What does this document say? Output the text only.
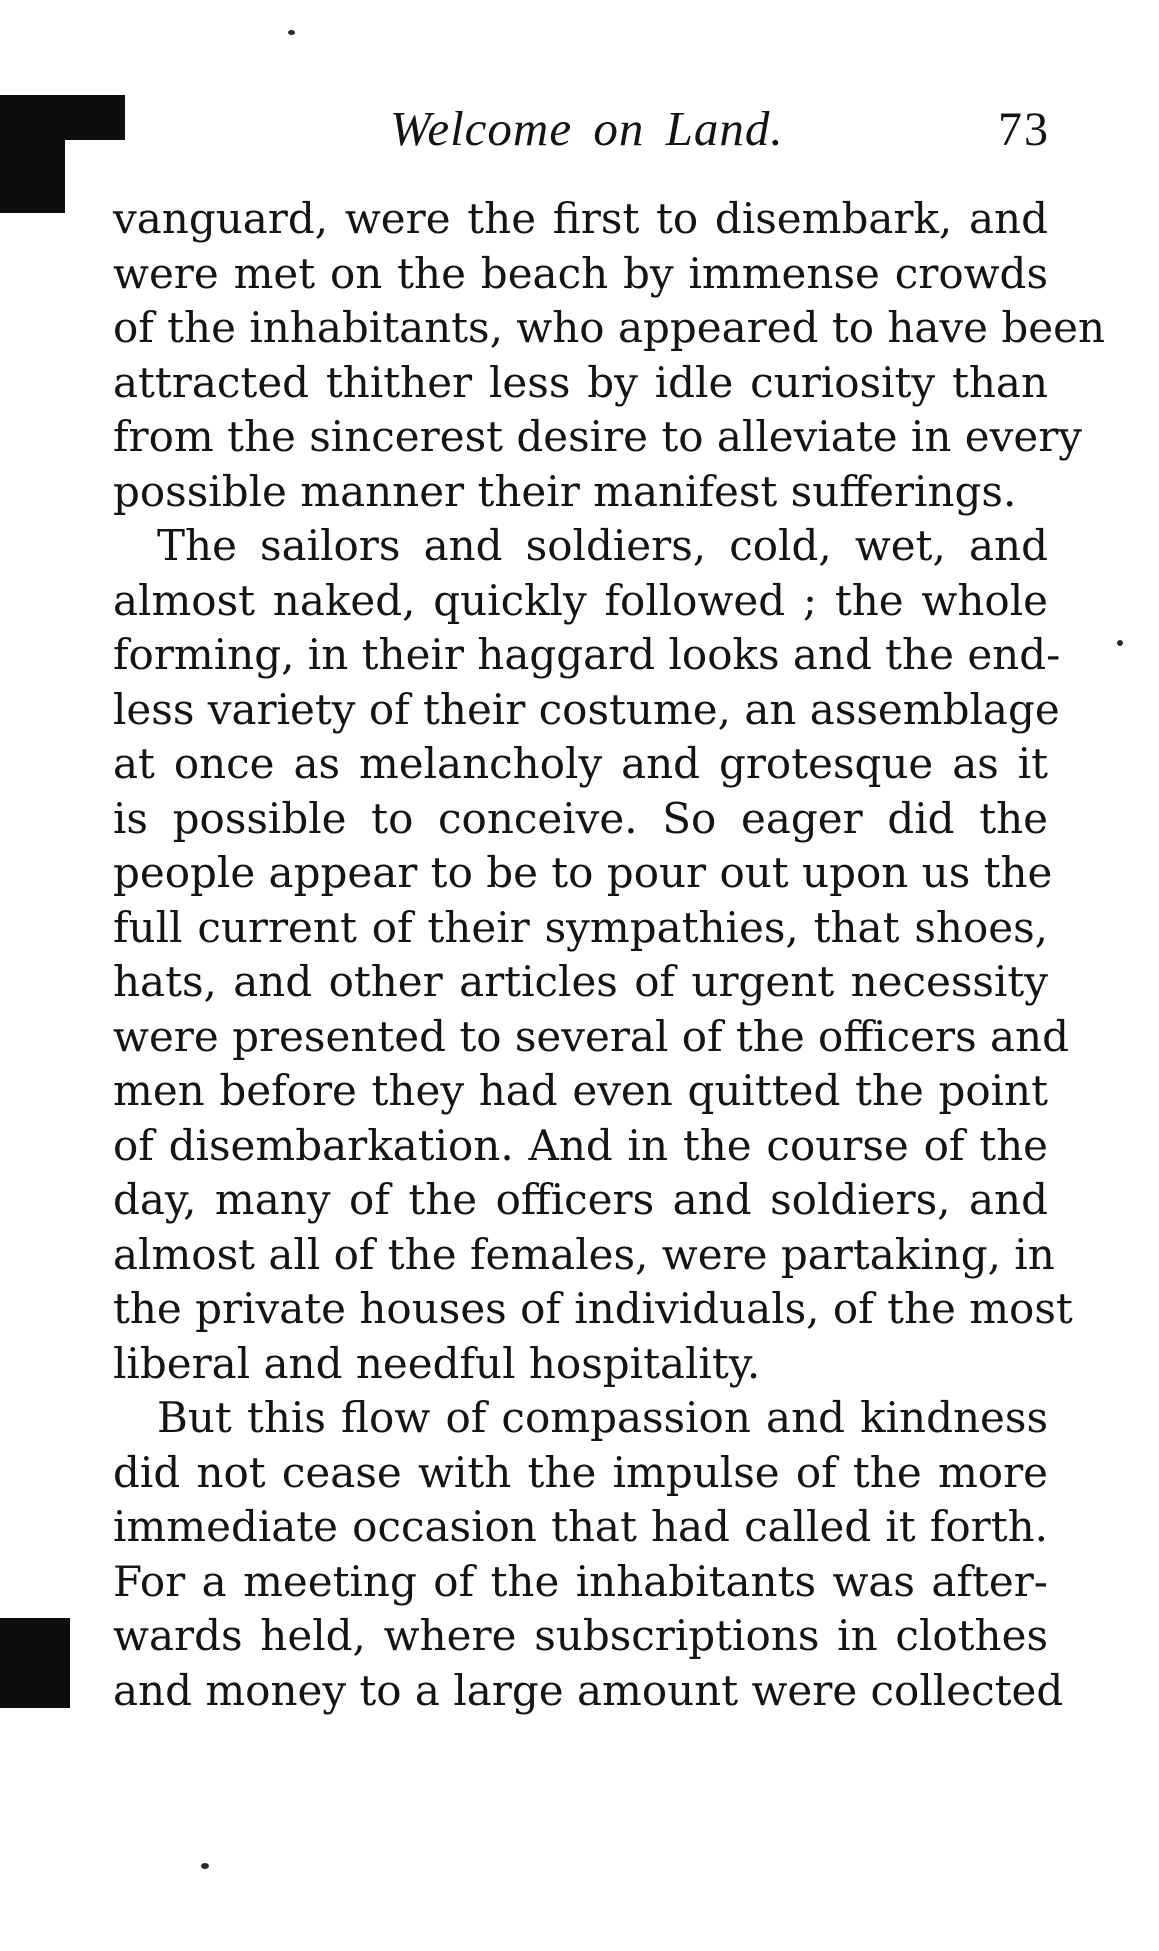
Welcome on Land.	73
vanguard, were the first to disembark, and
were met on the beach by immense crowds
of the inhabitants, who appeared to have been
attracted thither less by idle curiosity than
from the sincerest desire to alleviate in every
possible manner their manifest sufferings.
The sailors and soldiers, cold, wet, and
almost naked, quickly followed ; the whole
forming, in their haggard looks and the end-
less variety of their costume, an assemblage
at once as melancholy and grotesque as it
is possible to conceive. So eager did the
people appear to be to pour out upon us the
full current of their sympathies, that shoes,
hats, and other articles of urgent necessity
were presented to several of the officers and
men before they had even quitted the point
of disembarkation. And in the course of the
day, many of the officers and soldiers, and
almost all of the females, were partaking, in
the private houses of individuals, of the most
liberal and needful hospitality.
But this flow of compassion and kindness
did not cease with the impulse of the more
immediate occasion that had called it forth.
For a meeting of the inhabitants was after-
wards held, where subscriptions in clothes
and money to a large amount were collected
